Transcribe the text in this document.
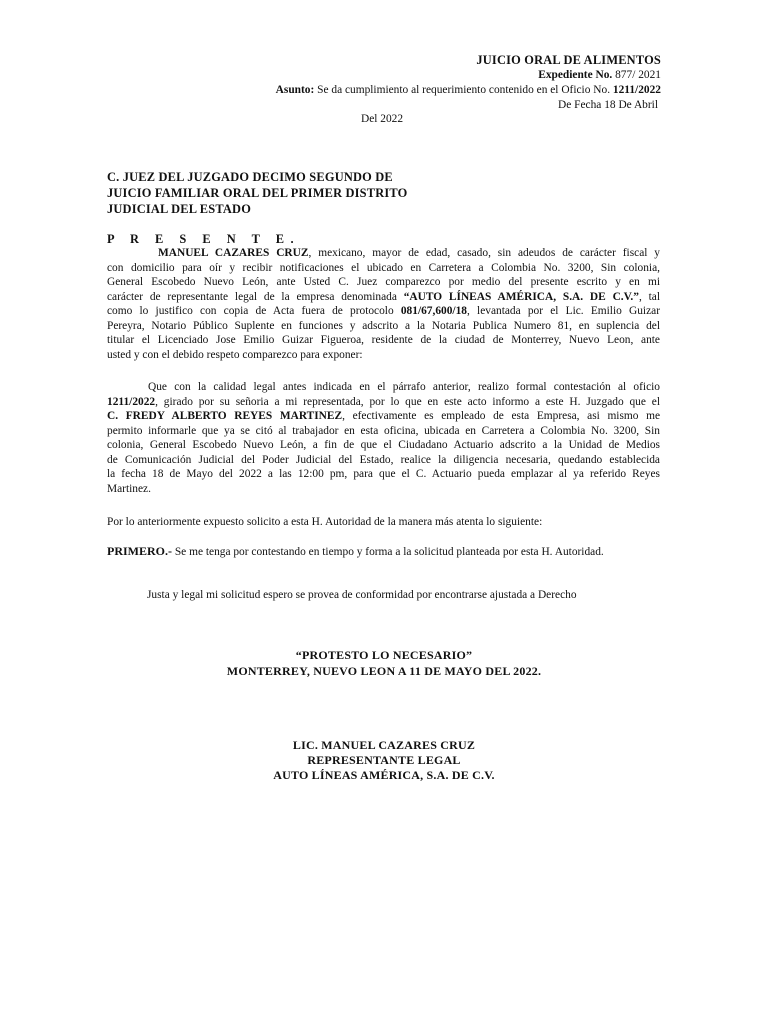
JUICIO ORAL DE ALIMENTOS
Expediente No. 877/ 2021
Asunto: Se da cumplimiento al requerimiento contenido en el Oficio No. 1211/2022
De Fecha 18 De Abril
Del 2022
C. JUEZ DEL JUZGADO DECIMO SEGUNDO DE
JUICIO FAMILIAR ORAL DEL PRIMER DISTRITO
JUDICIAL DEL ESTADO
P R E S E N T E.
MANUEL CAZARES CRUZ, mexicano, mayor de edad, casado, sin adeudos de carácter fiscal y
con domicilio para oír y recibir notificaciones el ubicado en Carretera a Colombia No. 3200, Sin colonia,
General Escobedo Nuevo León, ante Usted C. Juez comparezco por medio del presente escrito y en mi
carácter de representante legal de la empresa denominada “AUTO LÍNEAS AMÉRICA, S.A. DE C.V.”, tal
como lo justifico con copia de Acta fuera de protocolo 081/67,600/18, levantada por el Lic. Emilio Guizar
Pereyra, Notario Público Suplente en funciones y adscrito a la Notaria Publica Numero 81, en suplencia del
titular el Licenciado Jose Emilio Guizar Figueroa, residente de la ciudad de Monterrey, Nuevo Leon, ante
usted y con el debido respeto comparezco para exponer:
Que con la calidad legal antes indicada en el párrafo anterior, realizo formal contestación al oficio
1211/2022, girado por su señoria a mi representada, por lo que en este acto informo a este H. Juzgado que el
C. FREDY ALBERTO REYES MARTINEZ, efectivamente es empleado de esta Empresa, asi mismo me
permito informarle que ya se citó al trabajador en esta oficina, ubicada en Carretera a Colombia No. 3200, Sin
colonia, General Escobedo Nuevo León, a fin de que el Ciudadano Actuario adscrito a la Unidad de Medios
de Comunicación Judicial del Poder Judicial del Estado, realice la diligencia necesaria, quedando establecida
la fecha 18 de Mayo del 2022 a las 12:00 pm, para que el C. Actuario pueda emplazar al ya referido Reyes
Martinez.
Por lo anteriormente expuesto solicito a esta H. Autoridad de la manera más atenta lo siguiente:
PRIMERO.- Se me tenga por contestando en tiempo y forma a la solicitud planteada por esta H. Autoridad.
Justa y legal mi solicitud espero se provea de conformidad por encontrarse ajustada a Derecho
“PROTESTO LO NECESARIO”
MONTERREY, NUEVO LEON A 11 DE MAYO DEL 2022.
LIC. MANUEL CAZARES CRUZ
REPRESENTANTE LEGAL
AUTO LÍNEAS AMÉRICA, S.A. DE C.V.
